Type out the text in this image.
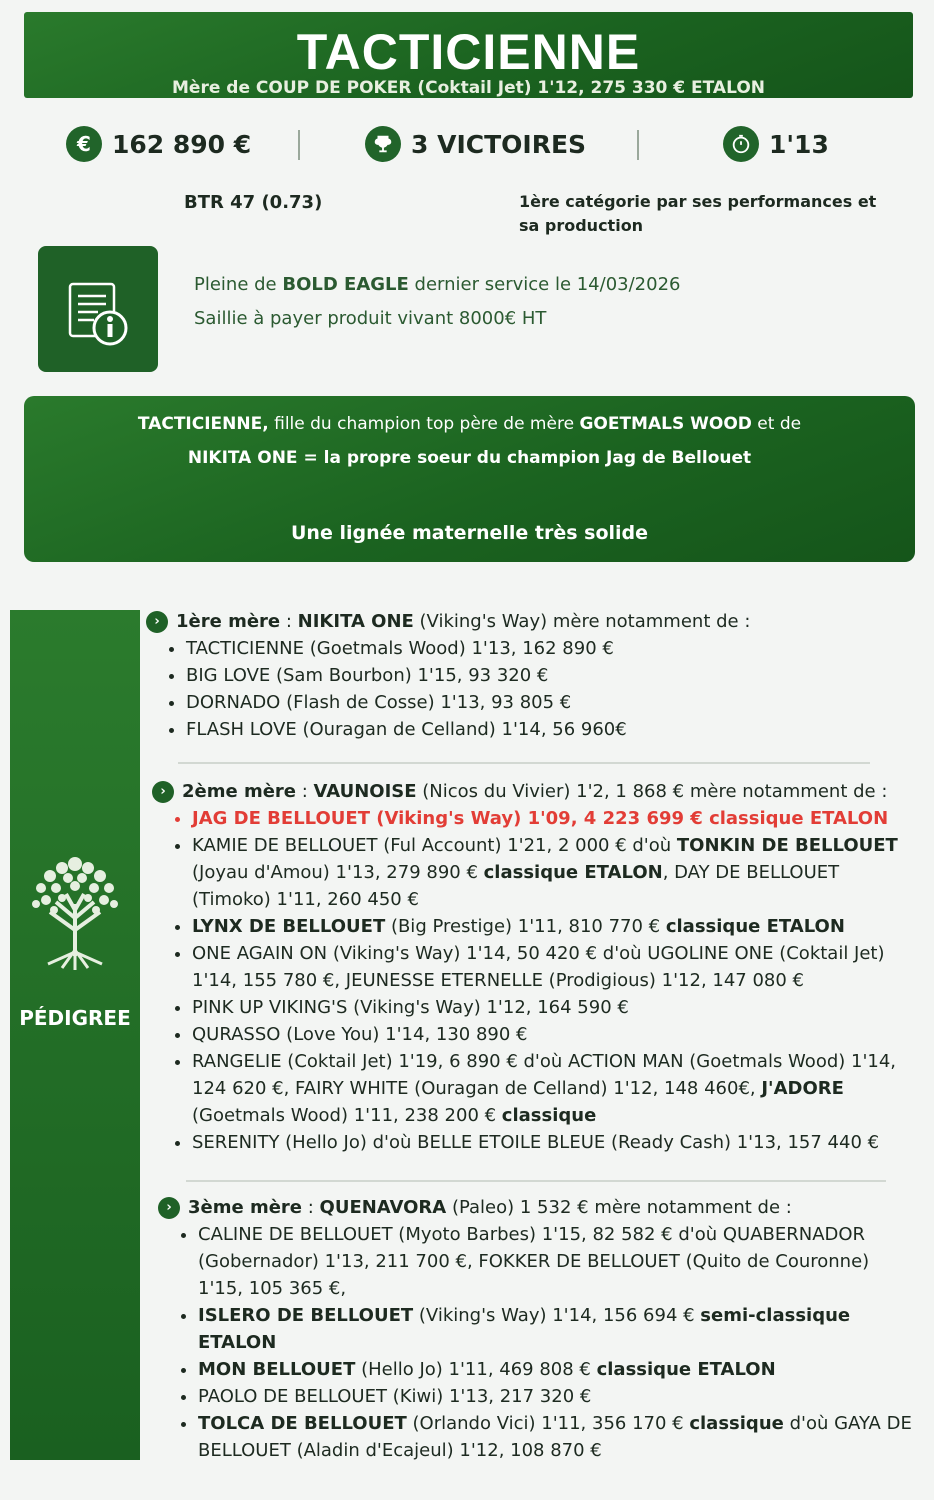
TACTICIENNE
Mère de COUP DE POKER (Coktail Jet) 1'12, 275 330 € ETALON
€ 162 890 €	3 VICTOIRES	1'13
BTR 47 (0.73)	1ère catégorie par ses performances et sa production
Pleine de BOLD EAGLE dernier service le 14/03/2026
Saillie à payer produit vivant 8000€ HT
TACTICIENNE, fille du champion top père de mère GOETMALS WOOD et de
NIKITA ONE = la propre soeur du champion Jag de Bellouet
Une lignée maternelle très solide
PÉDIGREE
› 1ère mère : NIKITA ONE (Viking's Way) mère notamment de :
• TACTICIENNE (Goetmals Wood) 1'13, 162 890 €
• BIG LOVE (Sam Bourbon) 1'15, 93 320 €
• DORNADO (Flash de Cosse) 1'13, 93 805 €
• FLASH LOVE (Ouragan de Celland) 1'14, 56 960€
› 2ème mère : VAUNOISE (Nicos du Vivier) 1'2, 1 868 € mère notamment de :
• JAG DE BELLOUET (Viking's Way) 1'09, 4 223 699 € classique ETALON
• KAMIE DE BELLOUET (Ful Account) 1'21, 2 000 € d'où TONKIN DE BELLOUET (Joyau d'Amou) 1'13, 279 890 € classique ETALON, DAY DE BELLOUET (Timoko) 1'11, 260 450 €
• LYNX DE BELLOUET (Big Prestige) 1'11, 810 770 € classique ETALON
• ONE AGAIN ON (Viking's Way) 1'14, 50 420 € d'où UGOLINE ONE (Coktail Jet) 1'14, 155 780 €, JEUNESSE ETERNELLE (Prodigious) 1'12, 147 080 €
• PINK UP VIKING'S (Viking's Way) 1'12, 164 590 €
• QURASSO (Love You) 1'14, 130 890 €
• RANGELIE (Coktail Jet) 1'19, 6 890 € d'où ACTION MAN (Goetmals Wood) 1'14, 124 620 €, FAIRY WHITE (Ouragan de Celland) 1'12, 148 460€, J'ADORE (Goetmals Wood) 1'11, 238 200 € classique
• SERENITY (Hello Jo) d'où BELLE ETOILE BLEUE (Ready Cash) 1'13, 157 440 €
› 3ème mère : QUENAVORA (Paleo) 1 532 € mère notamment de :
• CALINE DE BELLOUET (Myoto Barbes) 1'15, 82 582 € d'où QUABERNADOR (Gobernador) 1'13, 211 700 €, FOKKER DE BELLOUET (Quito de Couronne) 1'15, 105 365 €,
• ISLERO DE BELLOUET (Viking's Way) 1'14, 156 694 € semi-classique ETALON
• MON BELLOUET (Hello Jo) 1'11, 469 808 € classique ETALON
• PAOLO DE BELLOUET (Kiwi) 1'13, 217 320 €
• TOLCA DE BELLOUET (Orlando Vici) 1'11, 356 170 € classique d'où GAYA DE BELLOUET (Aladin d'Ecajeul) 1'12, 108 870 €
